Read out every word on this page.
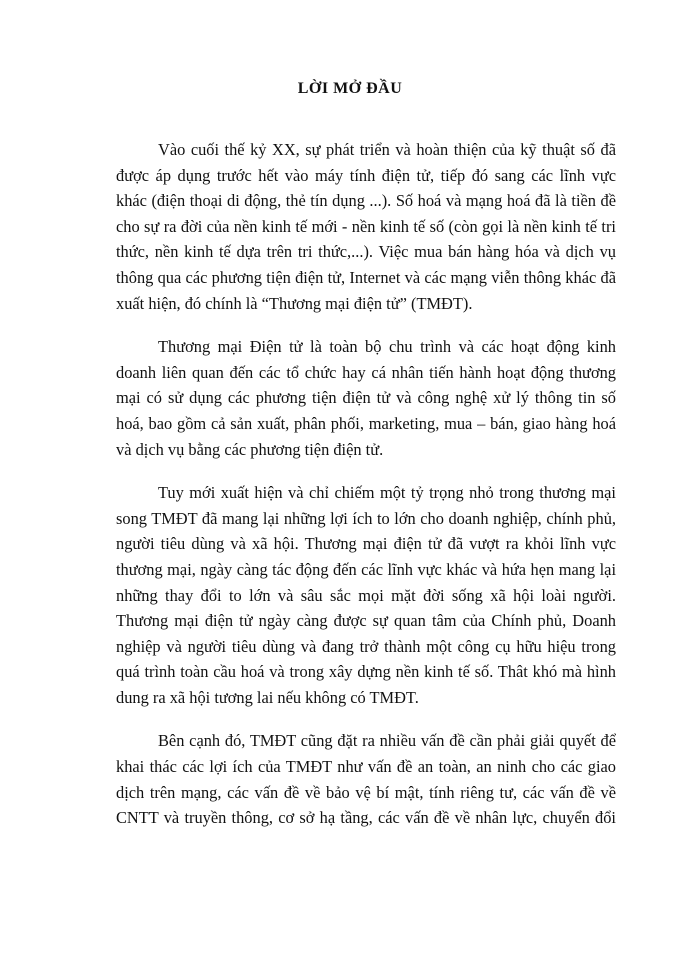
LỜI MỞ ĐẦU

Vào cuối thế kỷ XX, sự phát triển và hoàn thiện của kỹ thuật số đã
được áp dụng trước hết vào máy tính điện tử, tiếp đó sang các lĩnh vực
khác (điện thoại di động, thẻ tín dụng ...). Số hoá và mạng hoá đã là tiền đề
cho sự ra đời của nền kinh tế mới - nền kinh tế số (còn gọi là nền kinh tế tri
thức, nền kinh tế dựa trên tri thức,...). Việc mua bán hàng hóa và dịch vụ
thông qua các phương tiện điện tử, Internet và các mạng viễn thông khác đã
xuất hiện, đó chính là “Thương mại điện tử” (TMĐT).

Thương mại Điện tử là toàn bộ chu trình và các hoạt động kinh
doanh liên quan đến các tổ chức hay cá nhân tiến hành hoạt động thương
mại có sử dụng các phương tiện điện tử và công nghệ xử lý thông tin số
hoá, bao gồm cả sản xuất, phân phối, marketing, mua – bán, giao hàng hoá
và dịch vụ bằng các phương tiện điện tử.

Tuy mới xuất hiện và chỉ chiếm một tỷ trọng nhỏ trong thương mại
song TMĐT đã mang lại những lợi ích to lớn cho doanh nghiệp, chính phủ,
người tiêu dùng và xã hội. Thương mại điện tử đã vượt ra khỏi lĩnh vực
thương mại, ngày càng tác động đến các lĩnh vực khác và hứa hẹn mang lại
những thay đổi to lớn và sâu sắc mọi mặt đời sống xã hội loài người.
Thương mại điện tử ngày càng được sự quan tâm của Chính phủ, Doanh
nghiệp và người tiêu dùng và đang trở thành một công cụ hữu hiệu trong
quá trình toàn cầu hoá và trong xây dựng nền kinh tế số. Thât khó mà hình
dung ra xã hội tương lai nếu không có TMĐT.

Bên cạnh đó, TMĐT cũng đặt ra nhiều vấn đề cần phải giải quyết để
khai thác các lợi ích của TMĐT như vấn đề an toàn, an ninh cho các giao
dịch trên mạng, các vấn đề về bảo vệ bí mật, tính riêng tư, các vấn đề về
CNTT và truyền thông, cơ sở hạ tầng, các vấn đề về nhân lực, chuyển đổi
